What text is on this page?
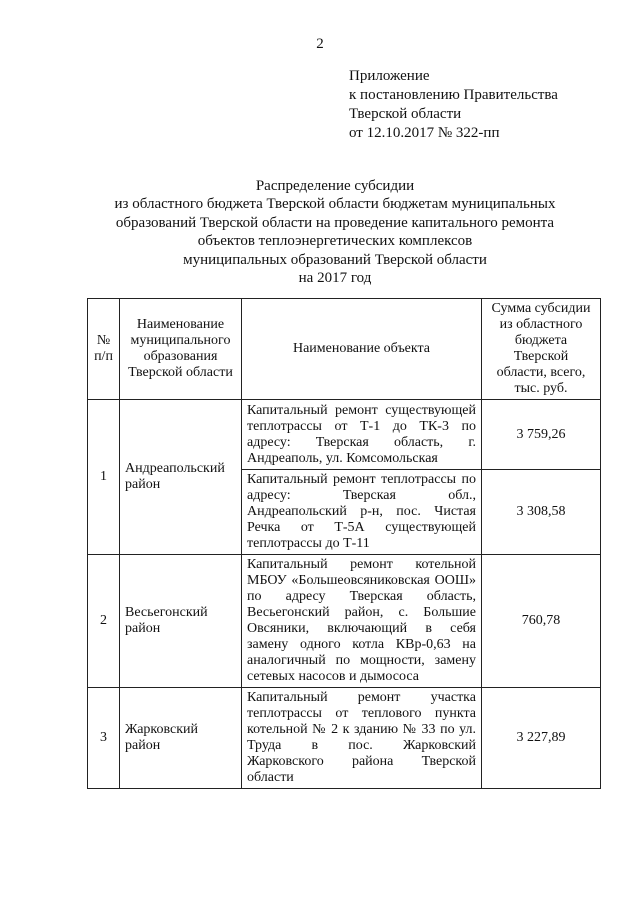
2
Приложение
к постановлению Правительства
Тверской области
от 12.10.2017 № 322-пп
Распределение субсидии
из областного бюджета Тверской области бюджетам муниципальных
образований Тверской области на проведение капитального ремонта
объектов теплоэнергетических комплексов
муниципальных образований Тверской области
на 2017 год
№ п/п	Наименование муниципального образования Тверской области	Наименование объекта	Сумма субсидии из областного бюджета Тверской области, всего, тыс. руб.
1	Андреапольский район	Капитальный ремонт существующей теплотрассы от Т-1 до ТК-3 по адресу: Тверская область, г. Андреаполь, ул. Комсомольская	3 759,26
		Капитальный ремонт теплотрассы по адресу: Тверская обл., Андреапольский р-н, пос. Чистая Речка от Т-5А существующей теплотрассы до Т-11	3 308,58
2	Весьегонский район	Капитальный ремонт котельной МБОУ «Большеовсяниковская ООШ» по адресу Тверская область, Весьегонский район, с. Большие Овсяники, включающий в себя замену одного котла КВр-0,63 на аналогичный по мощности, замену сетевых насосов и дымососа	760,78
3	Жарковский район	Капитальный ремонт участка теплотрассы от теплового пункта котельной № 2 к зданию № 33 по ул. Труда в пос. Жарковский Жарковского района Тверской области	3 227,89
